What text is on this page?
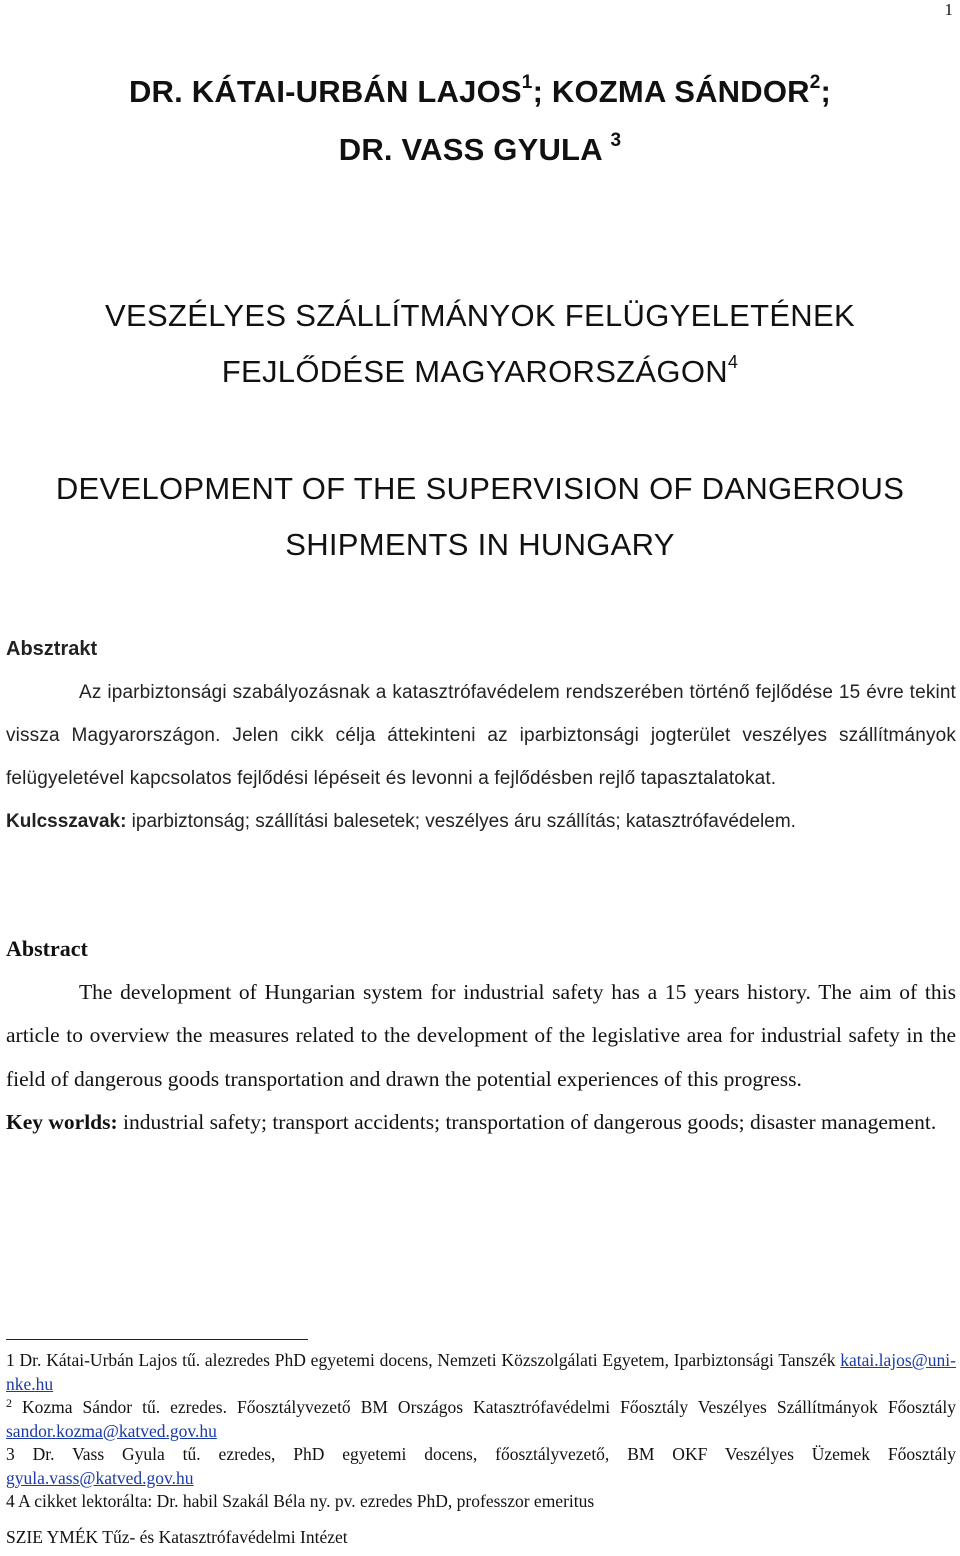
1
DR. KÁTAI-URBÁN LAJOS$^1$; KOZMA SÁNDOR$^2$;
DR. VASS GYULA $^3$
VESZÉLYES SZÁLLÍTMÁNYOK FELÜGYELETÉNEK
FEJLŐDÉSE MAGYARORSZÁGON$^4$
DEVELOPMENT OF THE SUPERVISION OF DANGEROUS
SHIPMENTS IN HUNGARY
Absztrakt
Az iparbiztonsági szabályozásnak a katasztrófavédelem rendszerében történő fejlődése 15 évre tekint vissza Magyarországon. Jelen cikk célja áttekinteni az iparbiztonsági jogterület veszélyes szállítmányok felügyeletével kapcsolatos fejlődési lépéseit és levonni a fejlődésben rejlő tapasztalatokat.
Kulcsszavak: iparbiztonság; szállítási balesetek; veszélyes áru szállítás; katasztrófavédelem.
Abstract
The development of Hungarian system for industrial safety has a 15 years history. The aim of this article to overview the measures related to the development of the legislative area for industrial safety in the field of dangerous goods transportation and drawn the potential experiences of this progress.
Key worlds: industrial safety; transport accidents; transportation of dangerous goods; disaster management.
1 Dr. Kátai-Urbán Lajos tű. alezredes PhD egyetemi docens, Nemzeti Közszolgálati Egyetem, Iparbiztonsági Tanszék katai.lajos@uni-nke.hu
$^2$ Kozma Sándor tű. ezredes. Főosztályvezető BM Országos Katasztrófavédelmi Főosztály Veszélyes Szállítmányok Főosztály sandor.kozma@katved.gov.hu
3 Dr. Vass Gyula tű. ezredes, PhD egyetemi docens, főosztályvezető, BM OKF Veszélyes Üzemek Főosztály gyula.vass@katved.gov.hu
4 A cikket lektorálta: Dr. habil Szakál Béla ny. pv. ezredes PhD, professzor emeritus
SZIE YMÉK Tűz- és Katasztrófavédelmi Intézet
